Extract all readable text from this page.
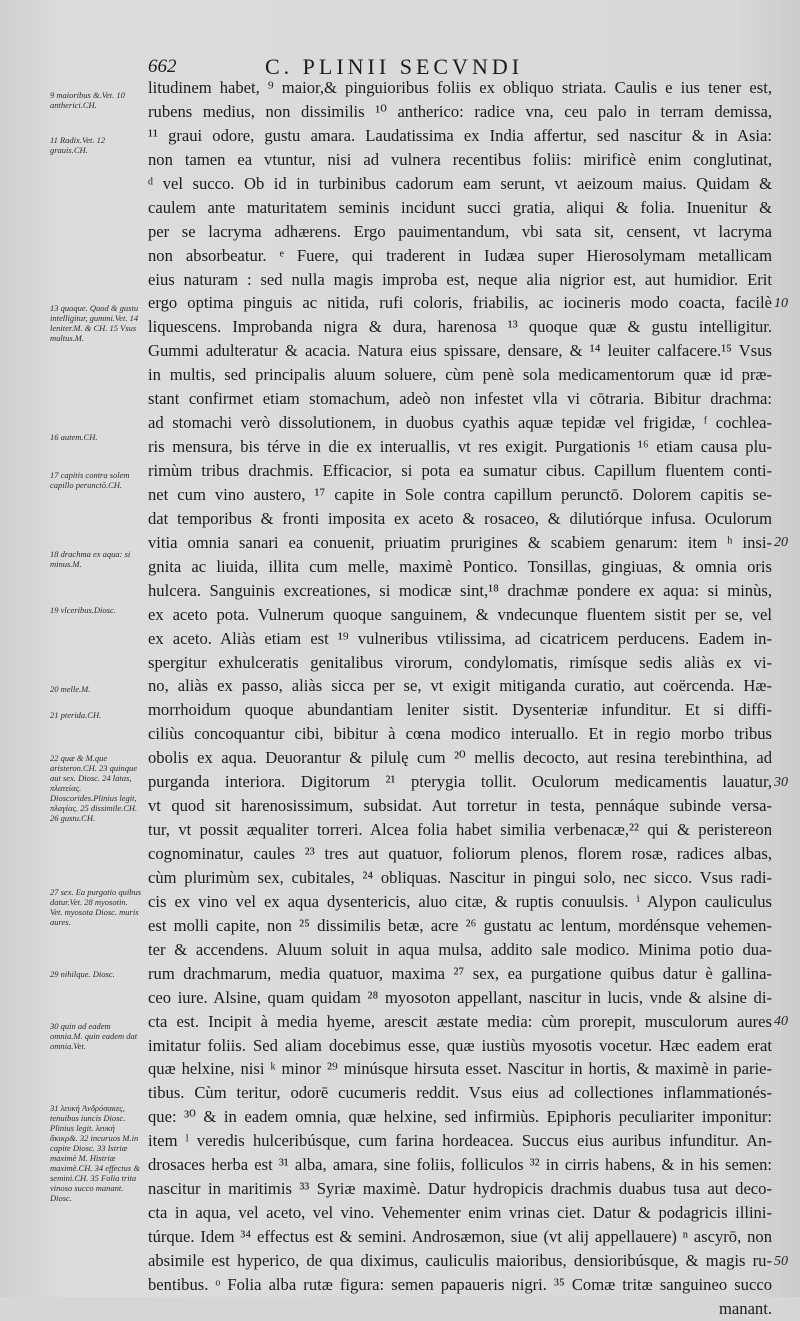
662	C. PLINII SECVNDI
9 maioribus &.Vet. 10 antherici.CH.
11 Radix.Vet. 12 grauis.CH.
13 quoque. Quod & gustu intelligitur, gummi.Vet. 14 leniter.M. & CH. 15 Vsus multus.M.
16 autem.CH.
17 capitis contra solem capillo perunctō.CH.
18 drachma ex aqua: si minus.M.
19 vlceribus.Diosc.
20 melle.M.
21 pterida.CH.
22 quæ & M.que aristeron.CH. 23 quinque aut sex. Diosc. 24 latas, πλατείας. Dioscorides.Plinius legit, πλαγίας. 25 dissimile.CH. 26 gustu.CH.
27 sex. Ea purgatio quibus datur.Vet. 28 myosotin. Vet. myosota Diosc. muris aures.
29 nihilque. Diosc.
30 quin ad eadem omnia.M. quin eadem dat omnia.Vet.
31 λευκὴ Ἀνδρόσακες, tenuibus iuncis Diosc. Plinius legit. λευκὴ ἄκικρ&. 32 incuruos M.in capite Diosc. 33 Istriæ maximè M. Histriæ maximè.CH. 34 effectus & semini.CH. 35 Folia trita vinoso succo manant. Diosc.
litudinem habet, ⁹ maior,& pinguioribus foliis ex obliquo striata. Caulis e ius tener est,
rubens medius, non dissimilis ¹⁰ antherico: radice vna, ceu palo in terram demissa,
¹¹ graui odore, gustu amara. Laudatissima ex India affertur, sed nascitur & in Asia:
non tamen ea vtuntur, nisi ad vulnera recentibus foliis: mirificè enim conglutinat,
ᵈ vel succo. Ob id in turbinibus cadorum eam serunt, vt aeizoum maius. Quidam &
caulem ante maturitatem seminis incidunt succi gratia, aliqui & folia. Inuenitur &
per se lacryma adhærens. Ergo pauimentandum, vbi sata sit, censent, vt lacryma
non absorbeatur. ᵉ Fuere, qui traderent in Iudæa super Hierosolymam metallicam
eius naturam : sed nulla magis improba est, neque alia nigrior est, aut humidior. Erit
ergo optima pinguis ac nitida, rufi coloris, friabilis, ac iocineris modo coacta, facilè
liquescens. Improbanda nigra & dura, harenosa ¹³ quoque quæ & gustu intelligitur.
Gummi adulteratur & acacia. Natura eius spissare, densare, & ¹⁴ leuiter calfacere.¹⁵ Vsus
in multis, sed principalis aluum soluere, cùm penè sola medicamentorum quæ id præ-
stant confirmet etiam stomachum, adeò non infestet vlla vi cōtraria. Bibitur drachma:
ad stomachi verò dissolutionem, in duobus cyathis aquæ tepidæ vel frigidæ, ᶠ cochlea-
ris mensura, bis térve in die ex interuallis, vt res exigit. Purgationis ¹⁶ etiam causa plu-
rimùm tribus drachmis. Efficacior, si pota ea sumatur cibus. Capillum fluentem conti-
net cum vino austero, ¹⁷ capite in Sole contra capillum perunctō. Dolorem capitis se-
dat temporibus & fronti imposita ex aceto & rosaceo, & dilutiórque infusa. Oculorum
vitia omnia sanari ea conuenit, priuatim prurigines & scabiem genarum: item ʰ insi-
gnita ac liuida, illita cum melle, maximè Pontico. Tonsillas, gingiuas, & omnia oris
hulcera. Sanguinis excreationes, si modicæ sint,¹⁸ drachmæ pondere ex aqua: si minùs,
ex aceto pota. Vulnerum quoque sanguinem, & vndecunque fluentem sistit per se, vel
ex aceto. Aliàs etiam est ¹⁹ vulneribus vtilissima, ad cicatricem perducens. Eadem in-
spergitur exhulceratis genitalibus virorum, condylomatis, rimísque sedis aliàs ex vi-
no, aliàs ex passo, aliàs sicca per se, vt exigit mitiganda curatio, aut coërcenda. Hæ-
morrhoidum quoque abundantiam leniter sistit. Dysenteriæ infunditur. Et si diffi-
ciliùs concoquantur cibi, bibitur à cœna modico interuallo. Et in regio morbo tribus
obolis ex aqua. Deuorantur & pilulę cum ²⁰ mellis decocto, aut resina terebinthina, ad
purganda interiora. Digitorum ²¹ pterygia tollit. Oculorum medicamentis lauatur,
vt quod sit harenosissimum, subsidat. Aut torretur in testa, pennáque subinde versa-
tur, vt possit æqualiter torreri. Alcea folia habet similia verbenacæ,²² qui & peristereon
cognominatur, caules ²³ tres aut quatuor, foliorum plenos, florem rosæ, radices albas,
cùm plurimùm sex, cubitales, ²⁴ obliquas. Nascitur in pingui solo, nec sicco. Vsus radi-
cis ex vino vel ex aqua dysentericis, aluo citæ, & ruptis conuulsis. ⁱ Alypon cauliculus
est molli capite, non ²⁵ dissimilis betæ, acre ²⁶ gustatu ac lentum, mordénsque vehemen-
ter & accendens. Aluum soluit in aqua mulsa, addito sale modico. Minima potio dua-
rum drachmarum, media quatuor, maxima ²⁷ sex, ea purgatione quibus datur è gallina-
ceo iure. Alsine, quam quidam ²⁸ myosoton appellant, nascitur in lucis, vnde & alsine di-
cta est. Incipit à media hyeme, arescit æstate media: cùm prorepit, musculorum aures
imitatur foliis. Sed aliam docebimus esse, quæ iustiùs myosotis vocetur. Hæc eadem erat
quæ helxine, nisi ᵏ minor ²⁹ minúsque hirsuta esset. Nascitur in hortis, & maximè in parie-
tibus. Cùm teritur, odorē cucumeris reddit. Vsus eius ad collectiones inflammationés-
que: ³⁰ & in eadem omnia, quæ helxine, sed infirmiùs. Epiphoris peculiariter imponitur:
item ˡ veredis hulceribúsque, cum farina hordeacea. Succus eius auribus infunditur. An-
drosaces herba est ³¹ alba, amara, sine foliis, folliculos ³² in cirris habens, & in his semen:
nascitur in maritimis ³³ Syriæ maximè. Datur hydropicis drachmis duabus tusa aut deco-
cta in aqua, vel aceto, vel vino. Vehementer enim vrinas ciet. Datur & podagricis illini-
túrque. Idem ³⁴ effectus est & semini. Androsæmon, siue (vt alij appellauere) ⁿ ascyrō, non
absimile est hyperico, de qua diximus, cauliculis maioribus, densioribúsque, & magis ru-
bentibus. ᵒ Folia alba rutæ figura: semen papaueris nigri. ³⁵ Comæ tritæ sanguineo succo
manant.
10
20
30
40
50
